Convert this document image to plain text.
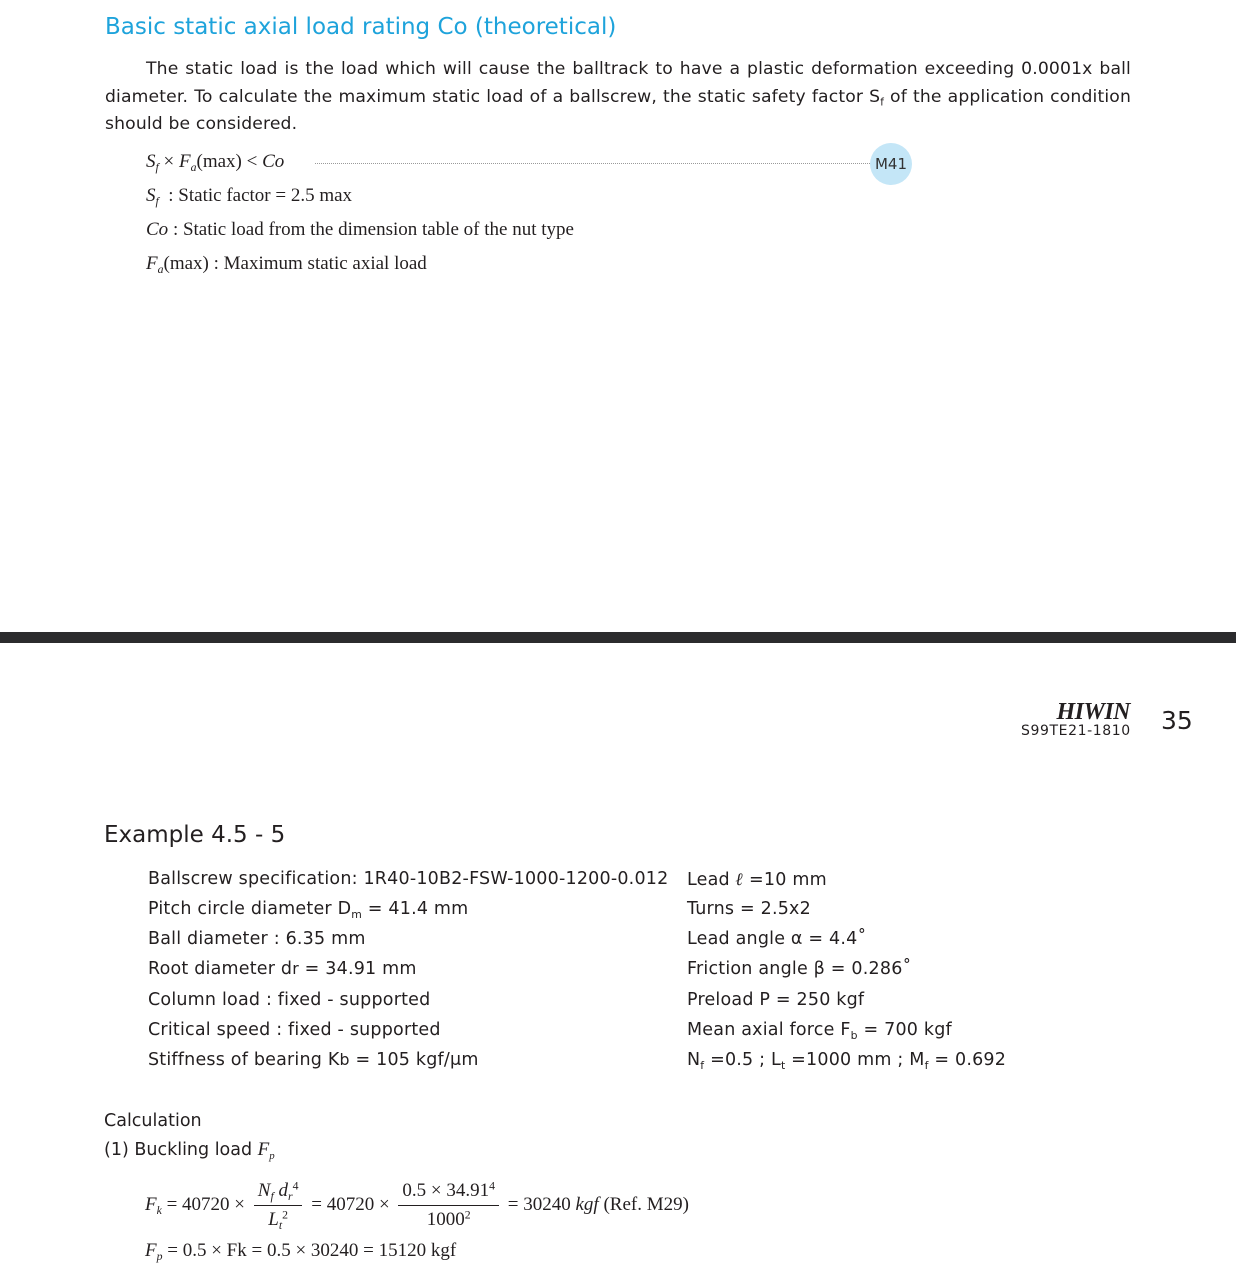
Basic static axial load rating Co (theoretical)

The static load is the load which will cause the balltrack to have a plastic deformation exceeding 0.0001x ball diameter. To calculate the maximum static load of a ballscrew, the static safety factor $S_f$ of the application condition should be considered.

$S_f \times F_a(\max) < Co$	M41
$S_f$  : Static factor = 2.5 max
Co : Static load from the dimension table of the nut type
$F_a(\max)$ : Maximum static axial load
HIWIN
S99TE21-1810 35
Example 4.5 - 5
Ballscrew specification: 1R40-10B2-FSW-1000-1200-0.012
Pitch circle diameter $D_m = 41.4$ mm
Ball diameter : 6.35 mm
Root diameter dr = 34.91 mm
Column load : fixed - supported
Critical speed : fixed - supported
Stiffness of bearing Kb = 105 kgf/μm
Lead ℓ =10 mm
Turns = 2.5x2
Lead angle α = 4.4˚
Friction angle β = 0.286˚
Preload P = 250 kgf
Mean axial force $F_b = 700$ kgf
$N_f =0.5$ ; $L_t =1000$ mm ; $M_f = 0.692$
Calculation
(1) Buckling load $F_p$
$F_k = 40720 \times \frac{N_f d_r^4}{L_t^2} = 40720 \times \frac{0.5 \times 34.91^4}{1000^2} = 30240$ kgf (Ref. M29)
$F_p = 0.5 \times Fk = 0.5 \times 30240 = 15120$ kgf
